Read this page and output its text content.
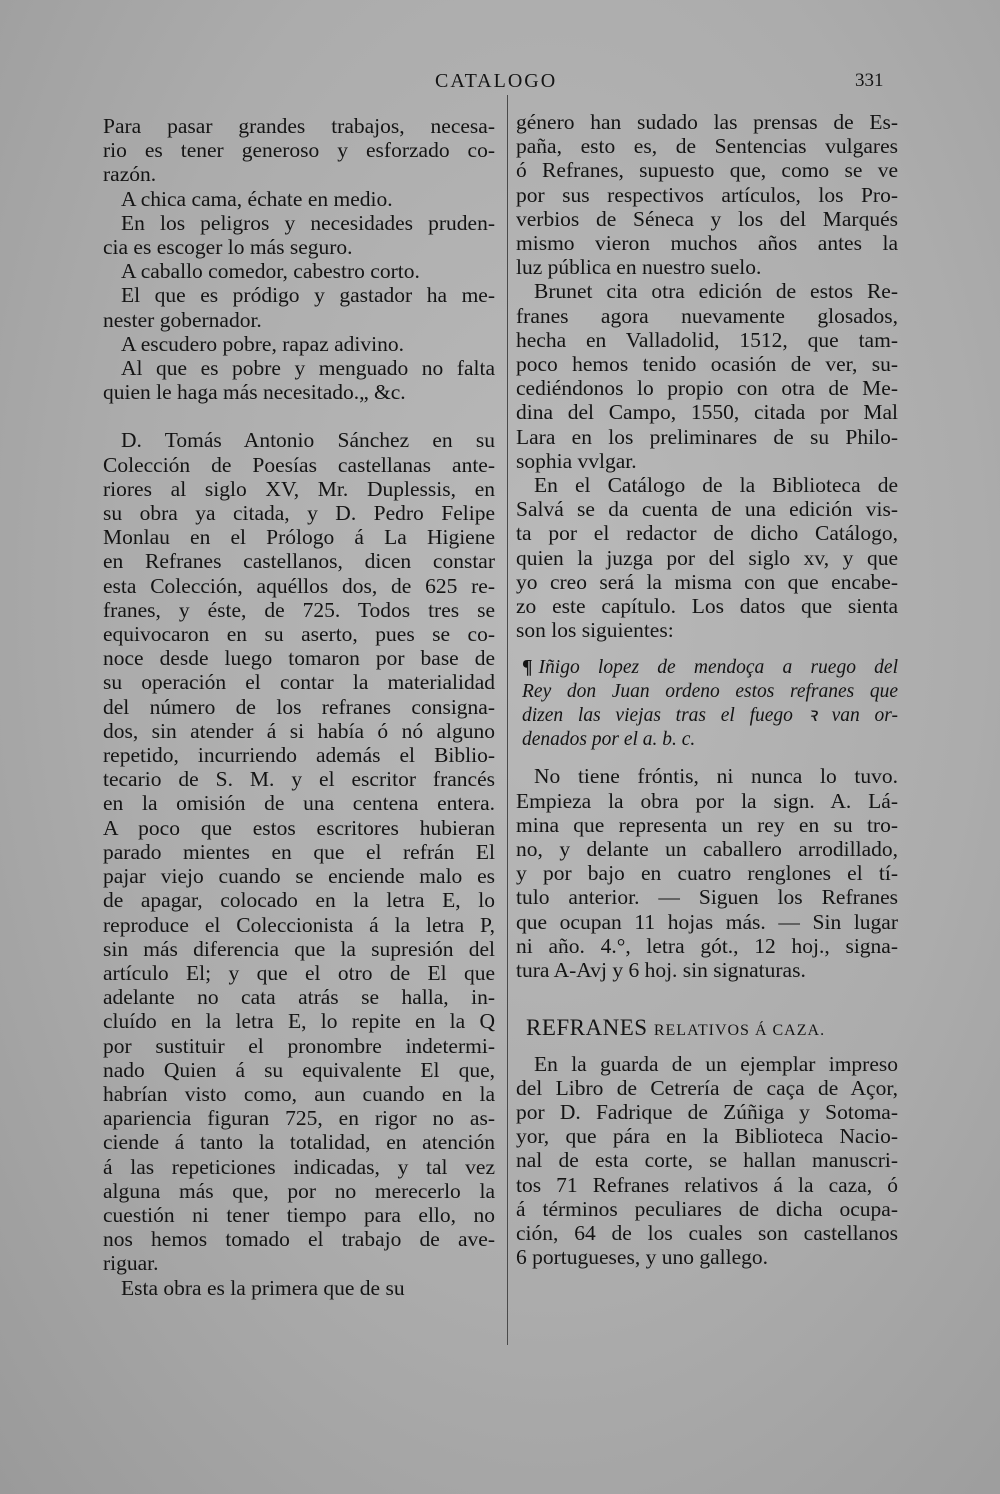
CATALOGO	331
Para pasar grandes trabajos, necesa-
rio es tener generoso y esforzado co-
razón.
A chica cama, échate en medio.
En los peligros y necesidades pruden-
cia es escoger lo más seguro.
A caballo comedor, cabestro corto.
El que es pródigo y gastador ha me-
nester gobernador.
A escudero pobre, rapaz adivino.
Al que es pobre y menguado no falta
quien le haga más necesitado.„ &c.
D. Tomás Antonio Sánchez en su
Colección de Poesías castellanas ante-
riores al siglo XV, Mr. Duplessis, en
su obra ya citada, y D. Pedro Felipe
Monlau en el Prólogo á La Higiene
en Refranes castellanos, dicen constar
esta Colección, aquéllos dos, de 625 re-
franes, y éste, de 725. Todos tres se
equivocaron en su aserto, pues se co-
noce desde luego tomaron por base de
su operación el contar la materialidad
del número de los refranes consigna-
dos, sin atender á si había ó nó alguno
repetido, incurriendo además el Biblio-
tecario de S. M. y el escritor francés
en la omisión de una centena entera.
A poco que estos escritores hubieran
parado mientes en que el refrán El
pajar viejo cuando se enciende malo es
de apagar, colocado en la letra E, lo
reproduce el Coleccionista á la letra P,
sin más diferencia que la supresión del
artículo El; y que el otro de El que
adelante no cata atrás se halla, in-
cluído en la letra E, lo repite en la Q
por sustituir el pronombre indetermi-
nado Quien á su equivalente El que,
habrían visto como, aun cuando en la
apariencia figuran 725, en rigor no as-
ciende á tanto la totalidad, en atención
á las repeticiones indicadas, y tal vez
alguna más que, por no merecerlo la
cuestión ni tener tiempo para ello, no
nos hemos tomado el trabajo de ave-
riguar.
Esta obra es la primera que de su
género han sudado las prensas de Es-
paña, esto es, de Sentencias vulgares
ó Refranes, supuesto que, como se ve
por sus respectivos artículos, los Pro-
verbios de Séneca y los del Marqués
mismo vieron muchos años antes la
luz pública en nuestro suelo.
Brunet cita otra edición de estos Re-
franes agora nuevamente glosados,
hecha en Valladolid, 1512, que tam-
poco hemos tenido ocasión de ver, su-
cediéndonos lo propio con otra de Me-
dina del Campo, 1550, citada por Mal
Lara en los preliminares de su Philo-
sophia vvlgar.
En el Catálogo de la Biblioteca de
Salvá se da cuenta de una edición vis-
ta por el redactor de dicho Catálogo,
quien la juzga por del siglo xv, y que
yo creo será la misma con que encabe-
zo este capítulo. Los datos que sienta
son los siguientes:
¶ Iñigo lopez de mendoça a ruego del
Rey don Juan ordeno estos refranes que
dizen las viejas tras el fuego ꝛ van or-
denados por el a. b. c.
No tiene fróntis, ni nunca lo tuvo.
Empieza la obra por la sign. A. Lá-
mina que representa un rey en su tro-
no, y delante un caballero arrodillado,
y por bajo en cuatro renglones el tí-
tulo anterior. — Siguen los Refranes
que ocupan 11 hojas más. — Sin lugar
ni año. 4.°, letra gót., 12 hoj., signa-
tura A-Avj y 6 hoj. sin signaturas.
REFRANES RELATIVOS Á CAZA.
En la guarda de un ejemplar impreso
del Libro de Cetrería de caça de Açor,
por D. Fadrique de Zúñiga y Sotoma-
yor, que pára en la Biblioteca Nacio-
nal de esta corte, se hallan manuscri-
tos 71 Refranes relativos á la caza, ó
á términos peculiares de dicha ocupa-
ción, 64 de los cuales son castellanos
6 portugueses, y uno gallego.
